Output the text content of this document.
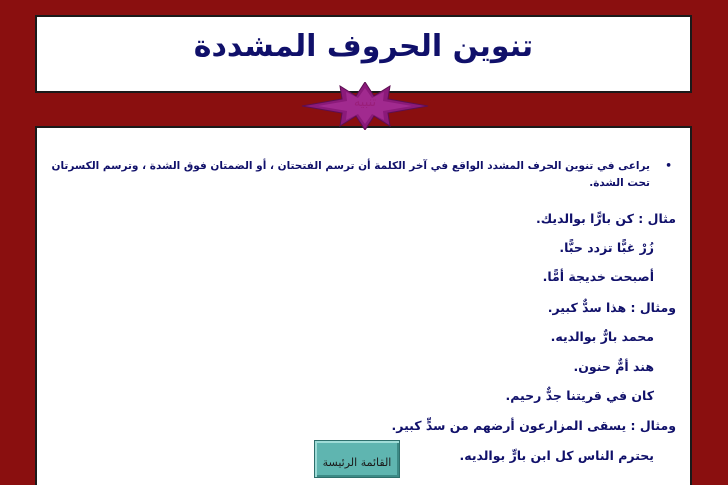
تنوين الحروف المشددة
•
يراعى في تنوين الحرف المشدد الواقع في آخر الكلمة أن ترسم الفتحتان ، أو الضمتان فوق الشدة ، وترسم الكسرتان تحت الشدة.
مثال : كن بارًّا بوالديك.
زُرْ غبًّا تزدد حبًّا.
أصبحت خديجة أمًّا.
ومثال : هذا سدٌّ كبير.
محمد بارٌّ بوالديه.
هند أمٌّ حنون.
كان في قريتنا جدٌّ رحيم.
ومثال : يسقى المزارعون أرضهم من سدٍّ كبير.
يحترم الناس كل ابن بارٍّ بوالديه.
تنبيه
القائمة الرئيسة
